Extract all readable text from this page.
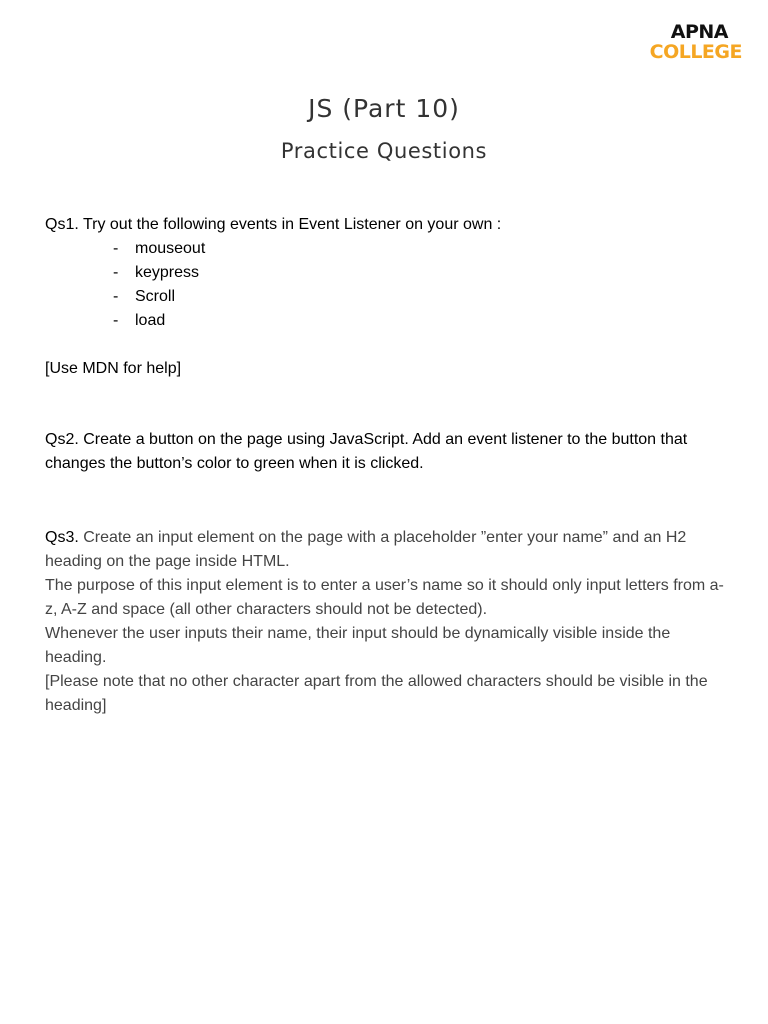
APNA
COLLEGE
JS (Part 10)
Practice Questions

Qs1. Try out the following events in Event Listener on your own :

- mouseout
- keypress
- Scroll
- load

[Use MDN for help]

Qs2. Create a button on the page using JavaScript. Add an event listener to the button that changes the button’s color to green when it is clicked.

Qs3. Create an input element on the page with a placeholder ”enter your name” and an H2 heading on the page inside HTML.

The purpose of this input element is to enter a user’s name so it should only input letters from a-z, A-Z and space (all other characters should not be detected).

Whenever the user inputs their name, their input should be dynamically visible inside the heading.

[Please note that no other character apart from the allowed characters should be visible in the heading]
